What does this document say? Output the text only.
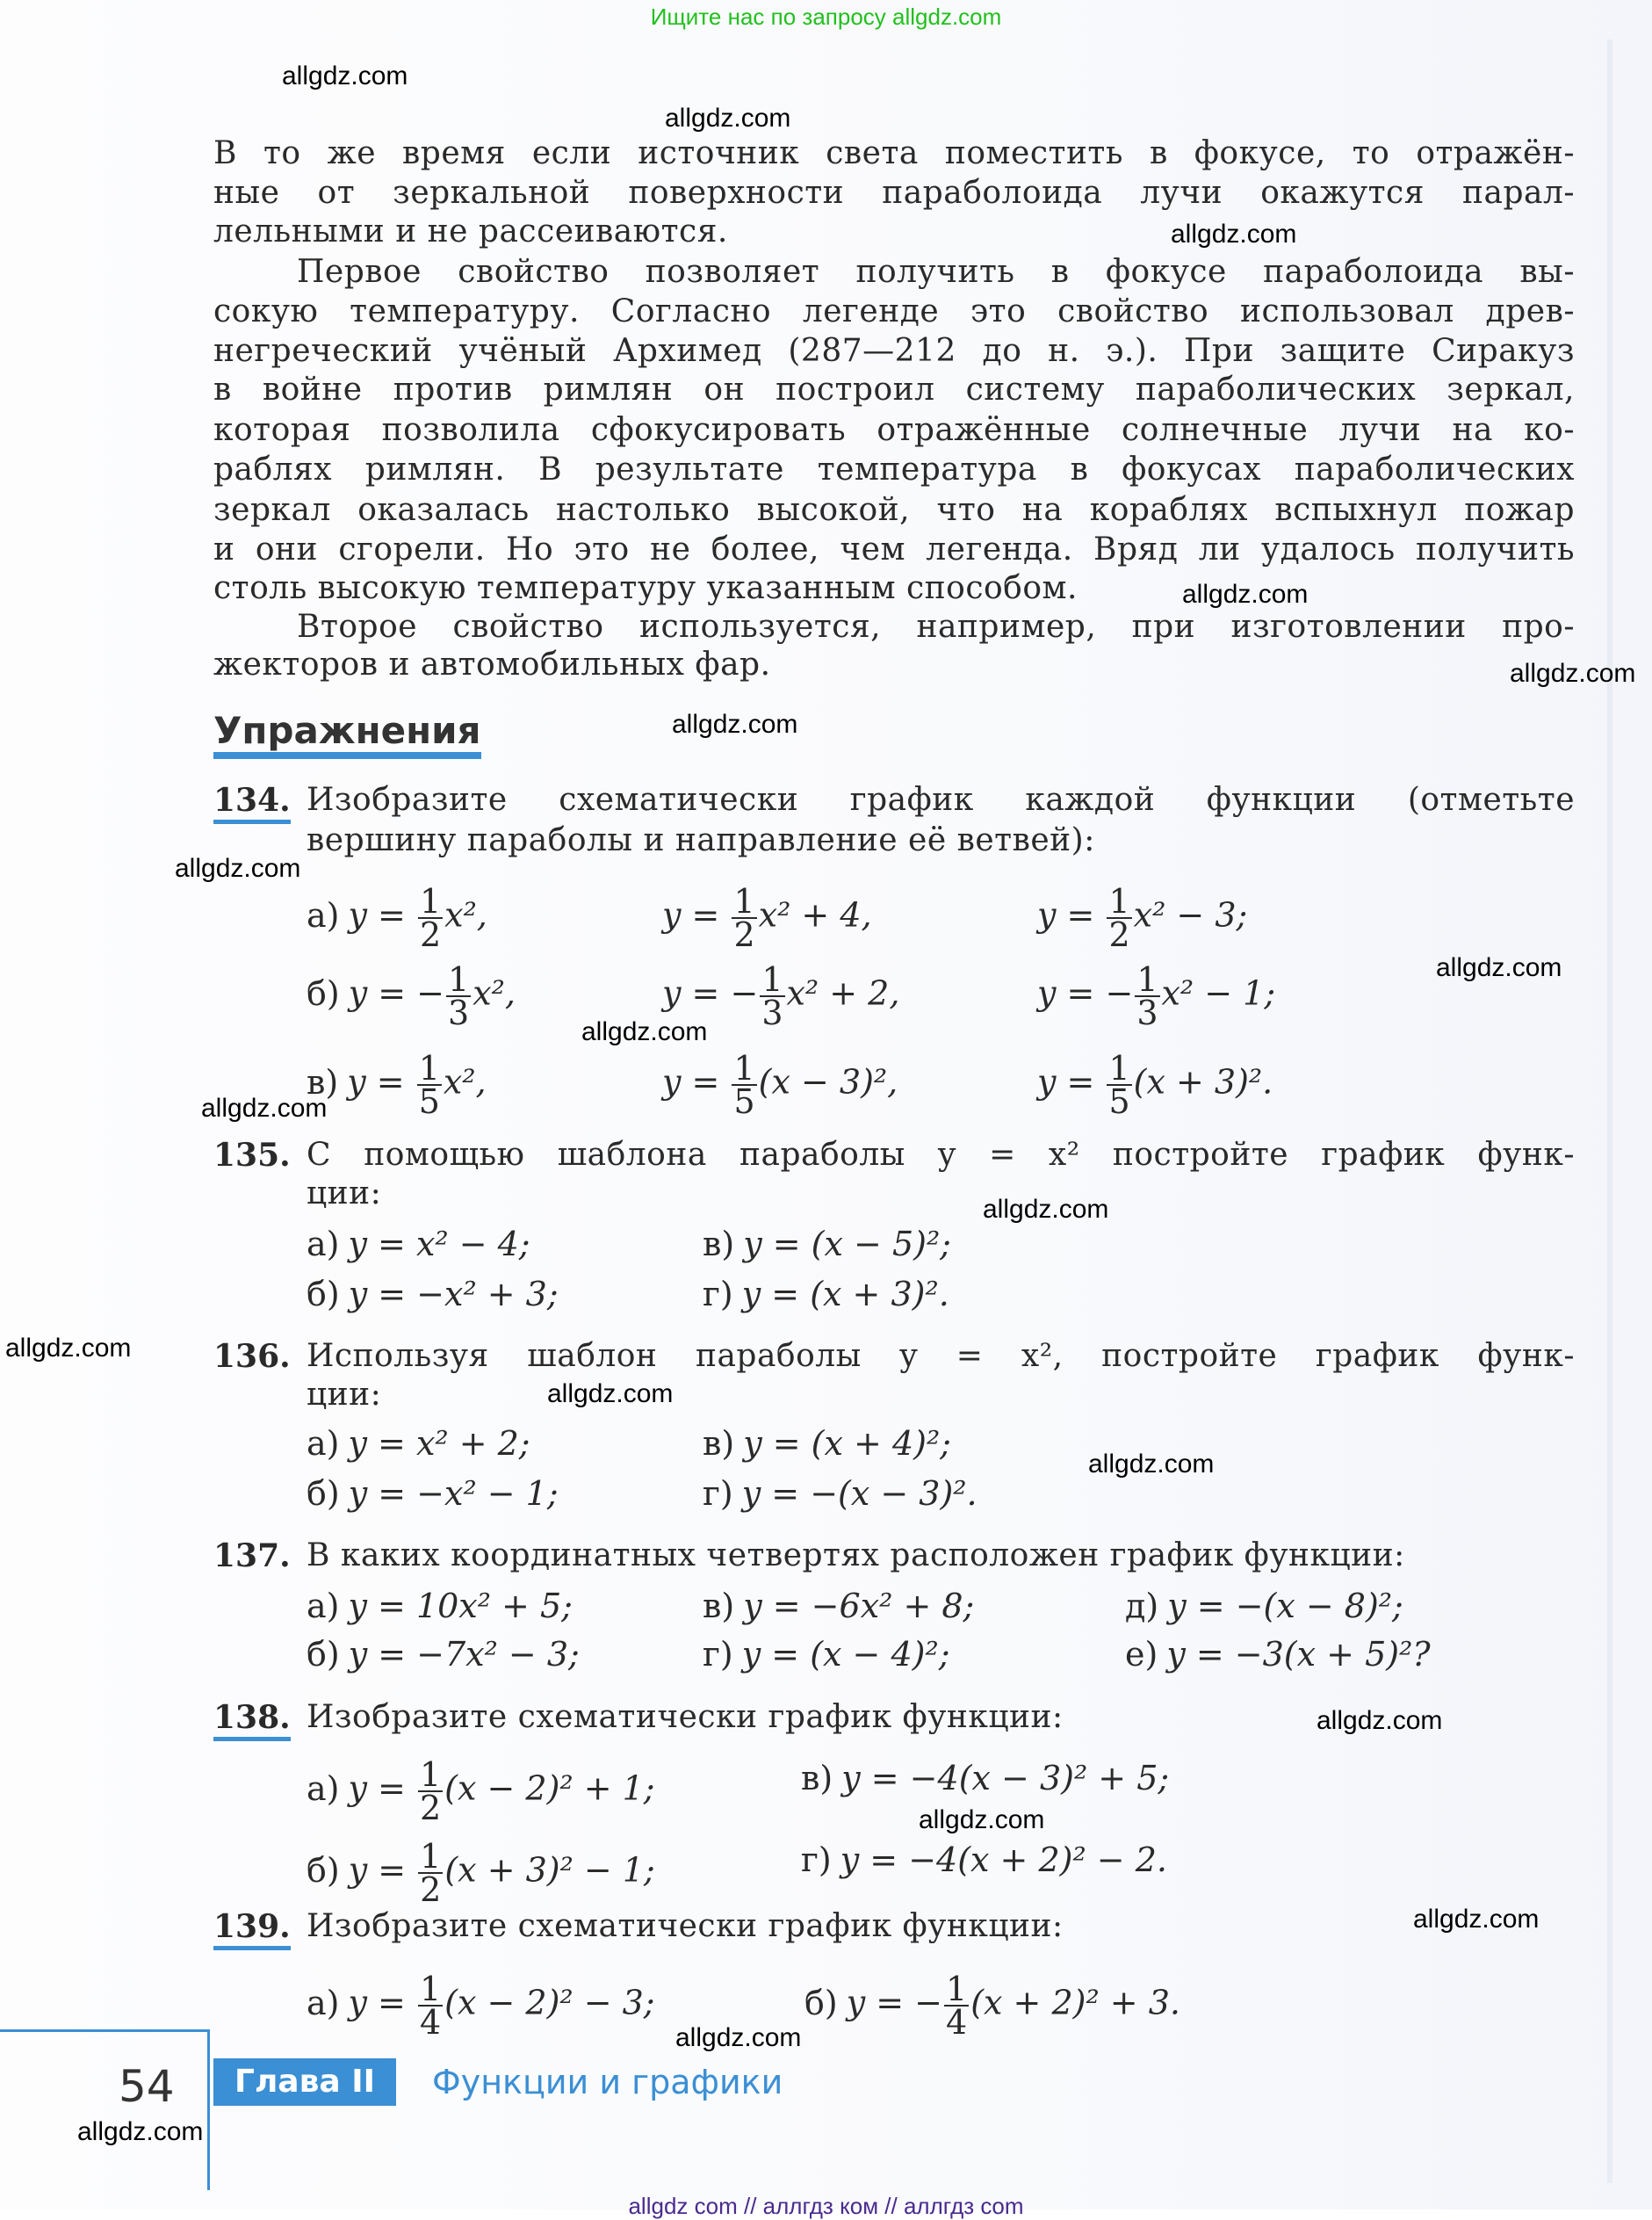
Ищите нас по запросу allgdz.com
В то же время если источник света поместить в фокусе, то отражён-
ные от зеркальной поверхности параболоида лучи окажутся парал-
лельными и не рассеиваются.
Первое свойство позволяет получить в фокусе параболоида вы-
сокую температуру. Согласно легенде это свойство использовал древ-
негреческий учёный Архимед (287—212 до н. э.). При защите Сиракуз
в войне против римлян он построил систему параболических зеркал,
которая позволила сфокусировать отражённые солнечные лучи на ко-
раблях римлян. В результате температура в фокусах параболических
зеркал оказалась настолько высокой, что на кораблях вспыхнул пожар
и они сгорели. Но это не более, чем легенда. Вряд ли удалось получить
столь высокую температуру указанным способом.
Второе свойство используется, например, при изготовлении про-
жекторов и автомобильных фар.
134. Изобразите схематически график каждой функции (отметьте
вершину параболы и направление её ветвей):
а) $y = \frac{1}{2} x^2$,	$y = \frac{1}{2} x^2 + 4$,	$y = \frac{1}{2} x^2 - 3$;
б) y = − $\frac{1}{3} x^2$,	y = − $\frac{1}{3} x^2 + 2$,	y = − $\frac{1}{3} x^2 - 1$;
в) $y = \frac{1}{5} x^2$,	$y = \frac{1}{5} (x - 3)^2$,	$y = \frac{1}{5} (x + 3)^2$.
135. С помощью шаблона параболы y = x² постройте график функ-
ции:
а) y = x² − 4;	в) y = (x − 5)²;
б) y = −x² + 3;	г) y = (x + 3)².
136. Используя шаблон параболы y = x², постройте график функ-
ции:
а) y = x² + 2;	в) y = (x + 4)²;
б) y = −x² − 1;	г) y = −(x − 3)².
137. В каких координатных четвертях расположен график функции:
а) y = 10x² + 5;	в) y = −6x² + 8;	д) y = −(x − 8)²;
б) y = −7x² − 3;	г) y = (x − 4)²;	е) y = −3(x + 5)²?
138. Изобразите схематически график функции:
а) $y = \frac{1}{2} (x - 2)^2 + 1$;	в) y = −4(x − 3)² + 5;
б) $y = \frac{1}{2} (x + 3)^2 - 1$;	г) y = −4(x + 2)² − 2.
139. Изобразите схематически график функции:
а) $y = \frac{1}{4} (x - 2)^2 - 3$;	б) y = − $\frac{1}{4} (x + 2)^2 + 3$.
Упражнения
54	Глава II	Функции и графики
allgdz com // аллгдз ком // аллгдз com
allgdz.com
allgdz.com
allgdz.com
allgdz.com
allgdz.com
allgdz.com
allgdz.com
allgdz.com
allgdz.com
allgdz.com
allgdz.com
allgdz.com
allgdz.com
allgdz.com
allgdz.com
allgdz.com
allgdz.com
allgdz.com
allgdz.com
